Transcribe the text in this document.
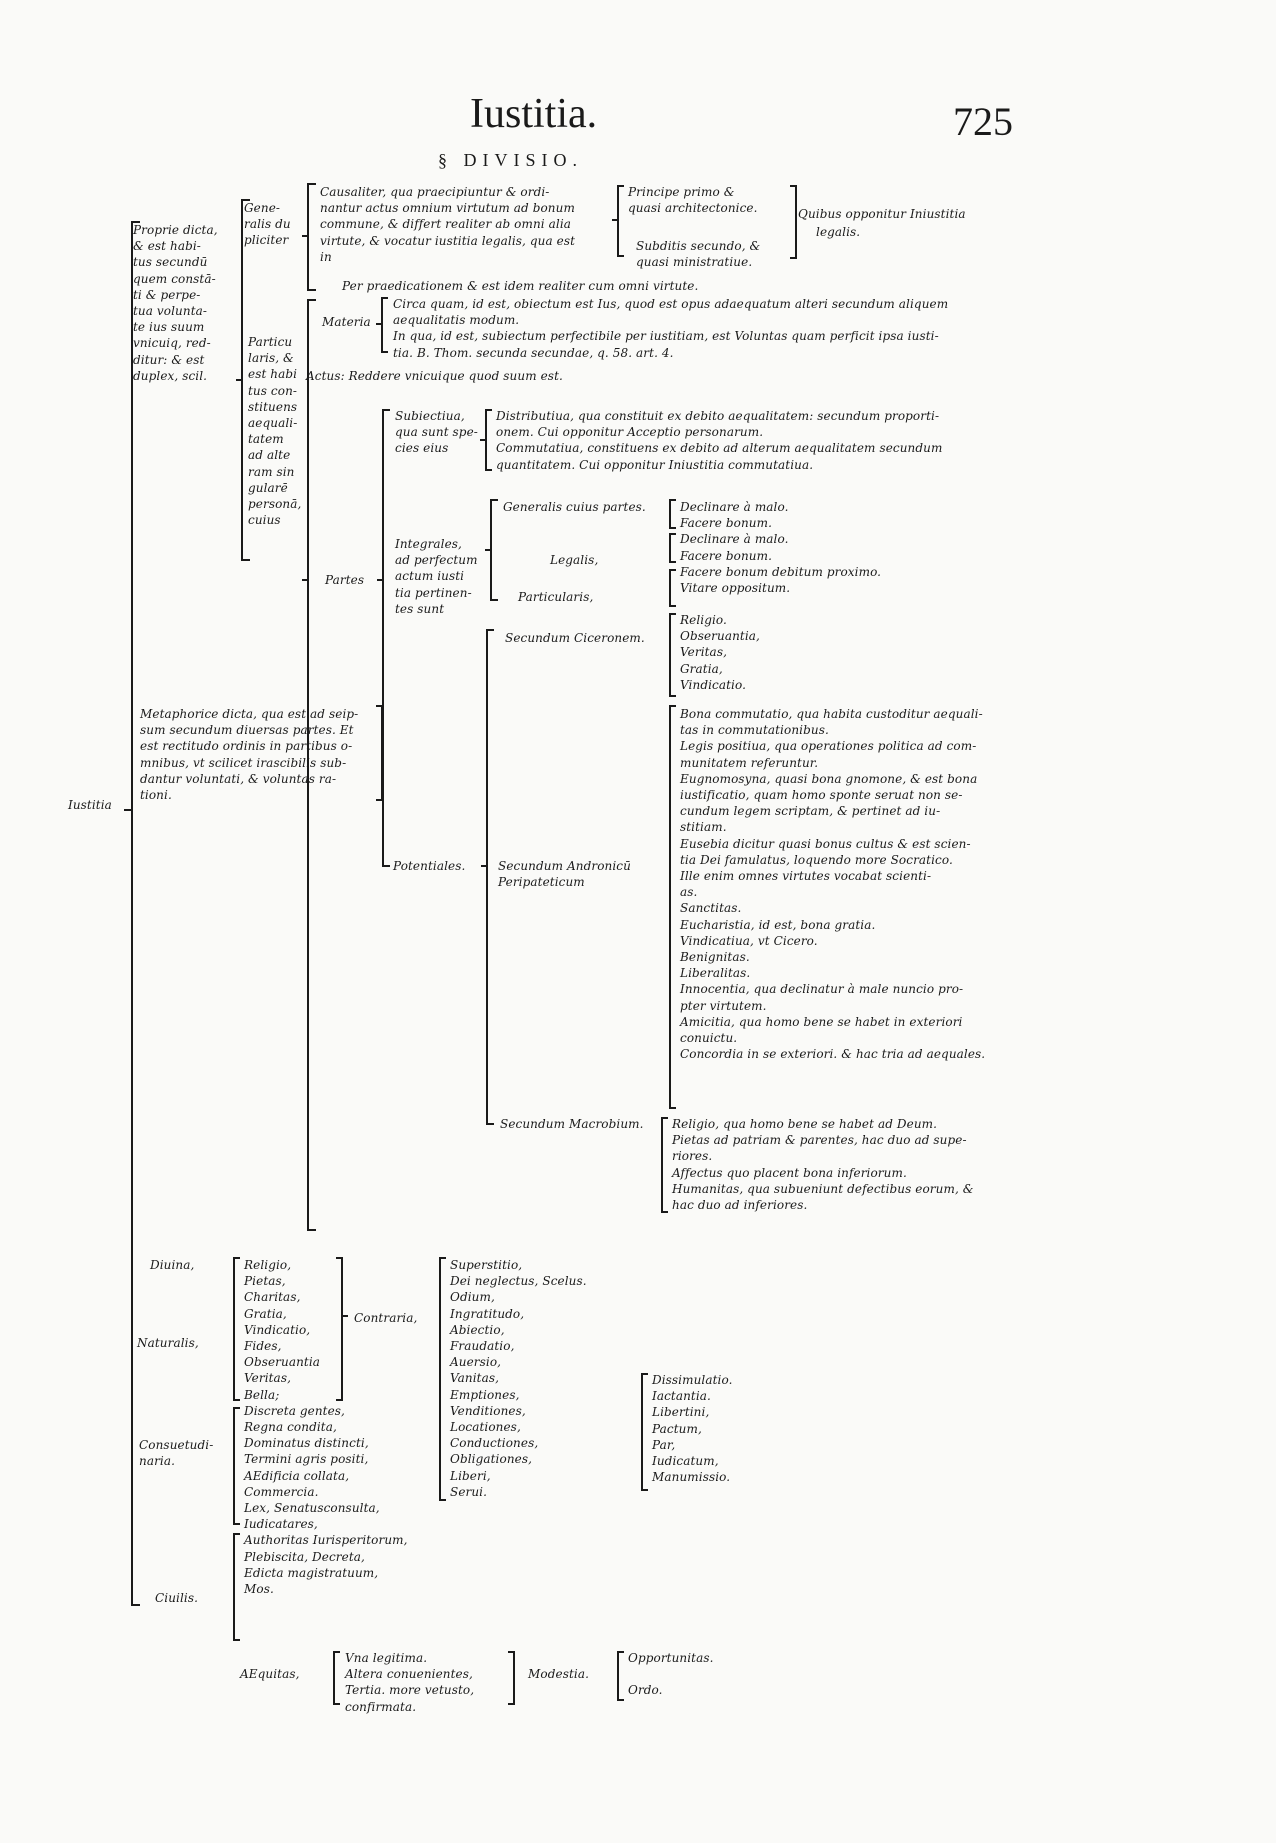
Iustitia.	725
§ DIVISIO.
Proprie dicta,
& est habi-
tus secundū
quem constā-
ti & perpe-
tua volunta-
te ius suum
vnicuiq, red-
ditur: & est
duplex, scil.
Gene-
ralis du
pliciter
Particu
laris, &
est habi
tus con-
stituens
aequali-
tatem
ad alte
ram sin
gularē
personā,
cuius
Causaliter, qua praecipiuntur & ordi-
nantur actus omnium virtutum ad bonum
commune, & differt realiter ab omni alia
virtute, & vocatur iustitia legalis, qua est
in
Principe primo &
quasi architectonice.
Subditis secundo, &
quasi ministratiue.
Quibus opponitur Iniustitia
legalis.
Per praedicationem & est idem realiter cum omni virtute.
Materia
Circa quam, id est, obiectum est Ius, quod est opus adaequatum alteri secundum aliquem
aequalitatis modum.
In qua, id est, subiectum perfectibile per iustitiam, est Voluntas quam perficit ipsa iusti-
tia. B. Thom. secunda secundae, q. 58. art. 4.
Actus: Reddere vnicuique quod suum est.
Subiectiua,
qua sunt spe-
cies eius
Distributiua, qua constituit ex debito aequalitatem: secundum proporti-
onem. Cui opponitur Acceptio personarum.
Commutatiua, constituens ex debito ad alterum aequalitatem secundum
quantitatem. Cui opponitur Iniustitia commutatiua.
Generalis cuius partes.
Integrales,
ad perfectum
actum iusti
tia pertinen-
tes sunt
Legalis,
Particularis,
Partes
Declinare à malo.
Facere bonum.
Declinare à malo.
Facere bonum.
Facere bonum debitum proximo.
Vitare oppositum.
Secundum Ciceronem.
Religio.
Obseruantia,
Veritas,
Gratia,
Vindicatio.
Metaphorice dicta, qua est ad seip-
sum secundum diuersas partes. Et
est rectitudo ordinis in partibus o-
mnibus, vt scilicet irascibilis sub-
dantur voluntati, & voluntas ra-
tioni.
Iustitia
Potentiales.	Secundum Andronicū
Peripateticum
Bona commutatio, qua habita custoditur aequali-
tas in commutationibus.
Legis positiua, qua operationes politica ad com-
munitatem referuntur.
Eugnomosyna, quasi bona gnomone, & est bona
iustificatio, quam homo sponte seruat non se-
cundum legem scriptam, & pertinet ad iu-
stitiam.
Eusebia dicitur quasi bonus cultus & est scien-
tia Dei famulatus, loquendo more Socratico.
Ille enim omnes virtutes vocabat scienti-
as.
Sanctitas.
Eucharistia, id est, bona gratia.
Vindicatiua, vt Cicero.
Benignitas.
Liberalitas.
Innocentia, qua declinatur à male nuncio pro-
pter virtutem.
Amicitia, qua homo bene se habet in exteriori
conuictu.
Concordia in se exteriori. & hac tria ad aequales.
Secundum Macrobium. Religio, qua homo bene se habet ad Deum.
Pietas ad patriam & parentes, hac duo ad supe-
riores.
Affectus quo placent bona inferiorum.
Humanitas, qua subueniunt defectibus eorum, &
hac duo ad inferiores.
Diuina,
Naturalis,
Religio,
Pietas,
Charitas,
Gratia,
Vindicatio,
Fides,
Obseruantia
Veritas,
Bella;
Discreta gentes,
Regna condita,
Dominatus distincti,
Termini agris positi,
AEdificia collata,
Commercia.
Lex, Senatusconsulta,
Iudicatares,
Authoritas Iurisperitorum,
Plebiscita, Decreta,
Edicta magistratuum,
Mos.
Contraria,
Superstitio,
Dei neglectus, Scelus.
Odium,
Ingratitudo,
Abiectio,
Fraudatio,
Auersio,
Vanitas,
Emptiones,
Venditiones,
Locationes,
Conductiones,
Obligationes,
Liberi,
Serui.
Dissimulatio.
Iactantia.
Libertini,
Pactum,
Par,
Iudicatum,
Manumissio.
Consuetudi-
naria.
Ciuilis.
AEquitas,
Vna legitima.
Altera conuenientes,
Tertia. more vetusto,
confirmata.
Modestia.
Opportunitas.
Ordo.
